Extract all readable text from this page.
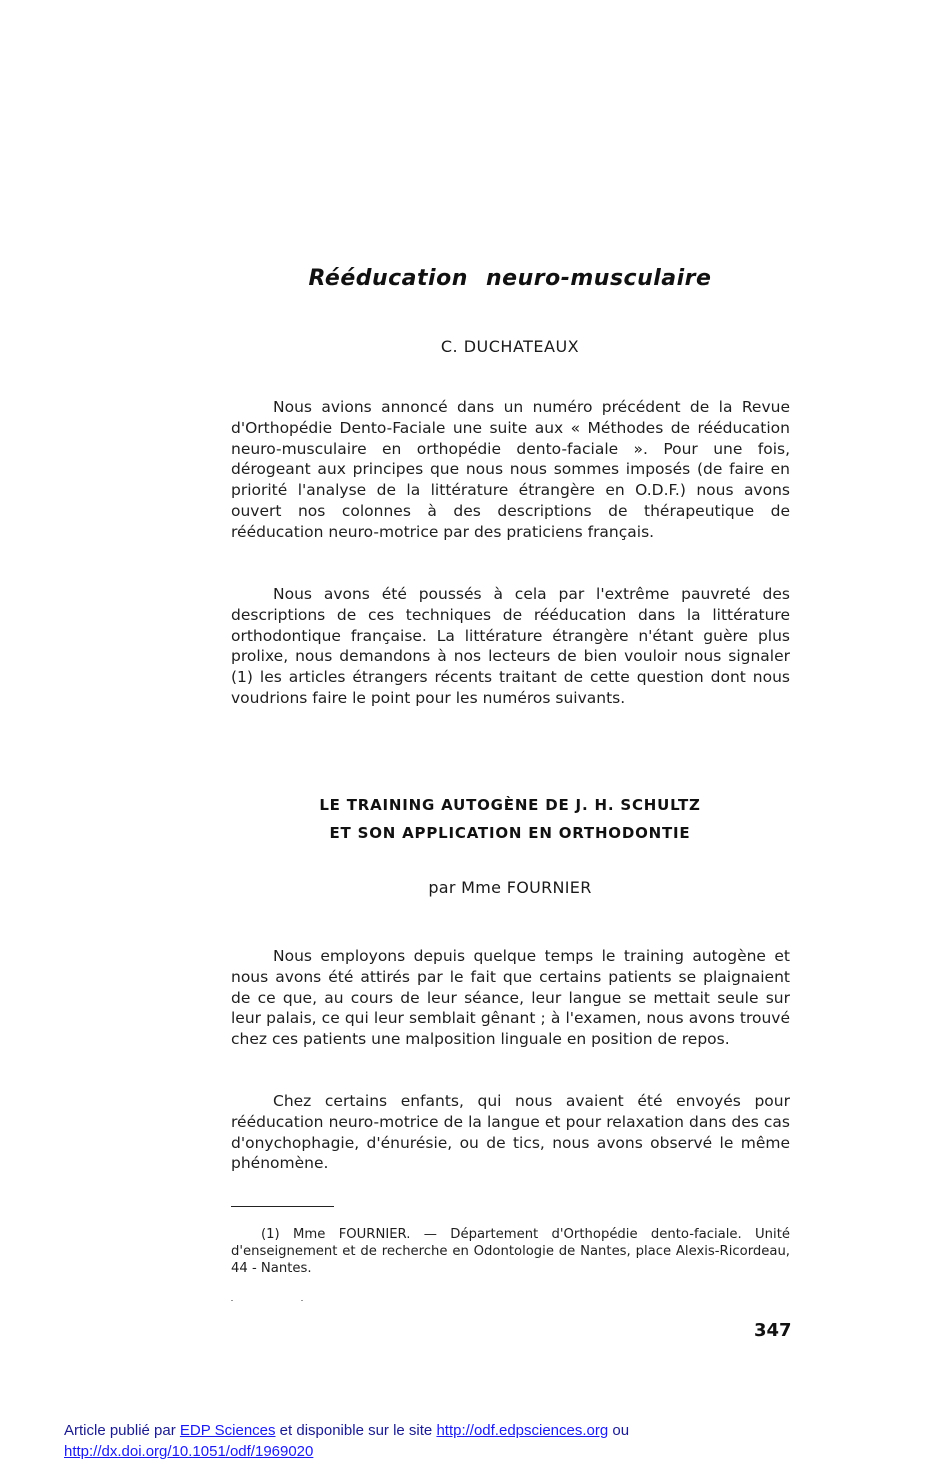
Rééducation neuro-musculaire
C. DUCHATEAUX

Nous avions annoncé dans un numéro précédent de la Revue d'Orthopédie Dento-Faciale une suite aux « Méthodes de rééducation neuro-musculaire en orthopédie dento-faciale ». Pour une fois, dérogeant aux principes que nous nous sommes imposés (de faire en priorité l'analyse de la littérature étrangère en O.D.F.) nous avons ouvert nos colonnes à des descriptions de thérapeutique de rééducation neuro-motrice par des praticiens français.

Nous avons été poussés à cela par l'extrême pauvreté des descriptions de ces techniques de rééducation dans la littérature orthodontique française. La littérature étrangère n'étant guère plus prolixe, nous demandons à nos lecteurs de bien vouloir nous signaler (1) les articles étrangers récents traitant de cette question dont nous voudrions faire le point pour les numéros suivants.

LE TRAINING AUTOGÈNE DE J. H. SCHULTZ
ET SON APPLICATION EN ORTHODONTIE
par Mme FOURNIER

Nous employons depuis quelque temps le training autogène et nous avons été attirés par le fait que certains patients se plaignaient de ce que, au cours de leur séance, leur langue se mettait seule sur leur palais, ce qui leur semblait gênant ; à l'examen, nous avons trouvé chez ces patients une malposition linguale en position de repos.

Chez certains enfants, qui nous avaient été envoyés pour rééducation neuro-motrice de la langue et pour relaxation dans des cas d'onychophagie, d'énurésie, ou de tics, nous avons observé le même phénomène.

(1) Mme FOURNIER. — Département d'Orthopédie dento-faciale. Unité d'enseignement et de recherche en Odontologie de Nantes, place Alexis-Ricordeau, 44 - Nantes.

347
Article publié par EDP Sciences et disponible sur le site http://odf.edpsciences.org ou
http://dx.doi.org/10.1051/odf/1969020
